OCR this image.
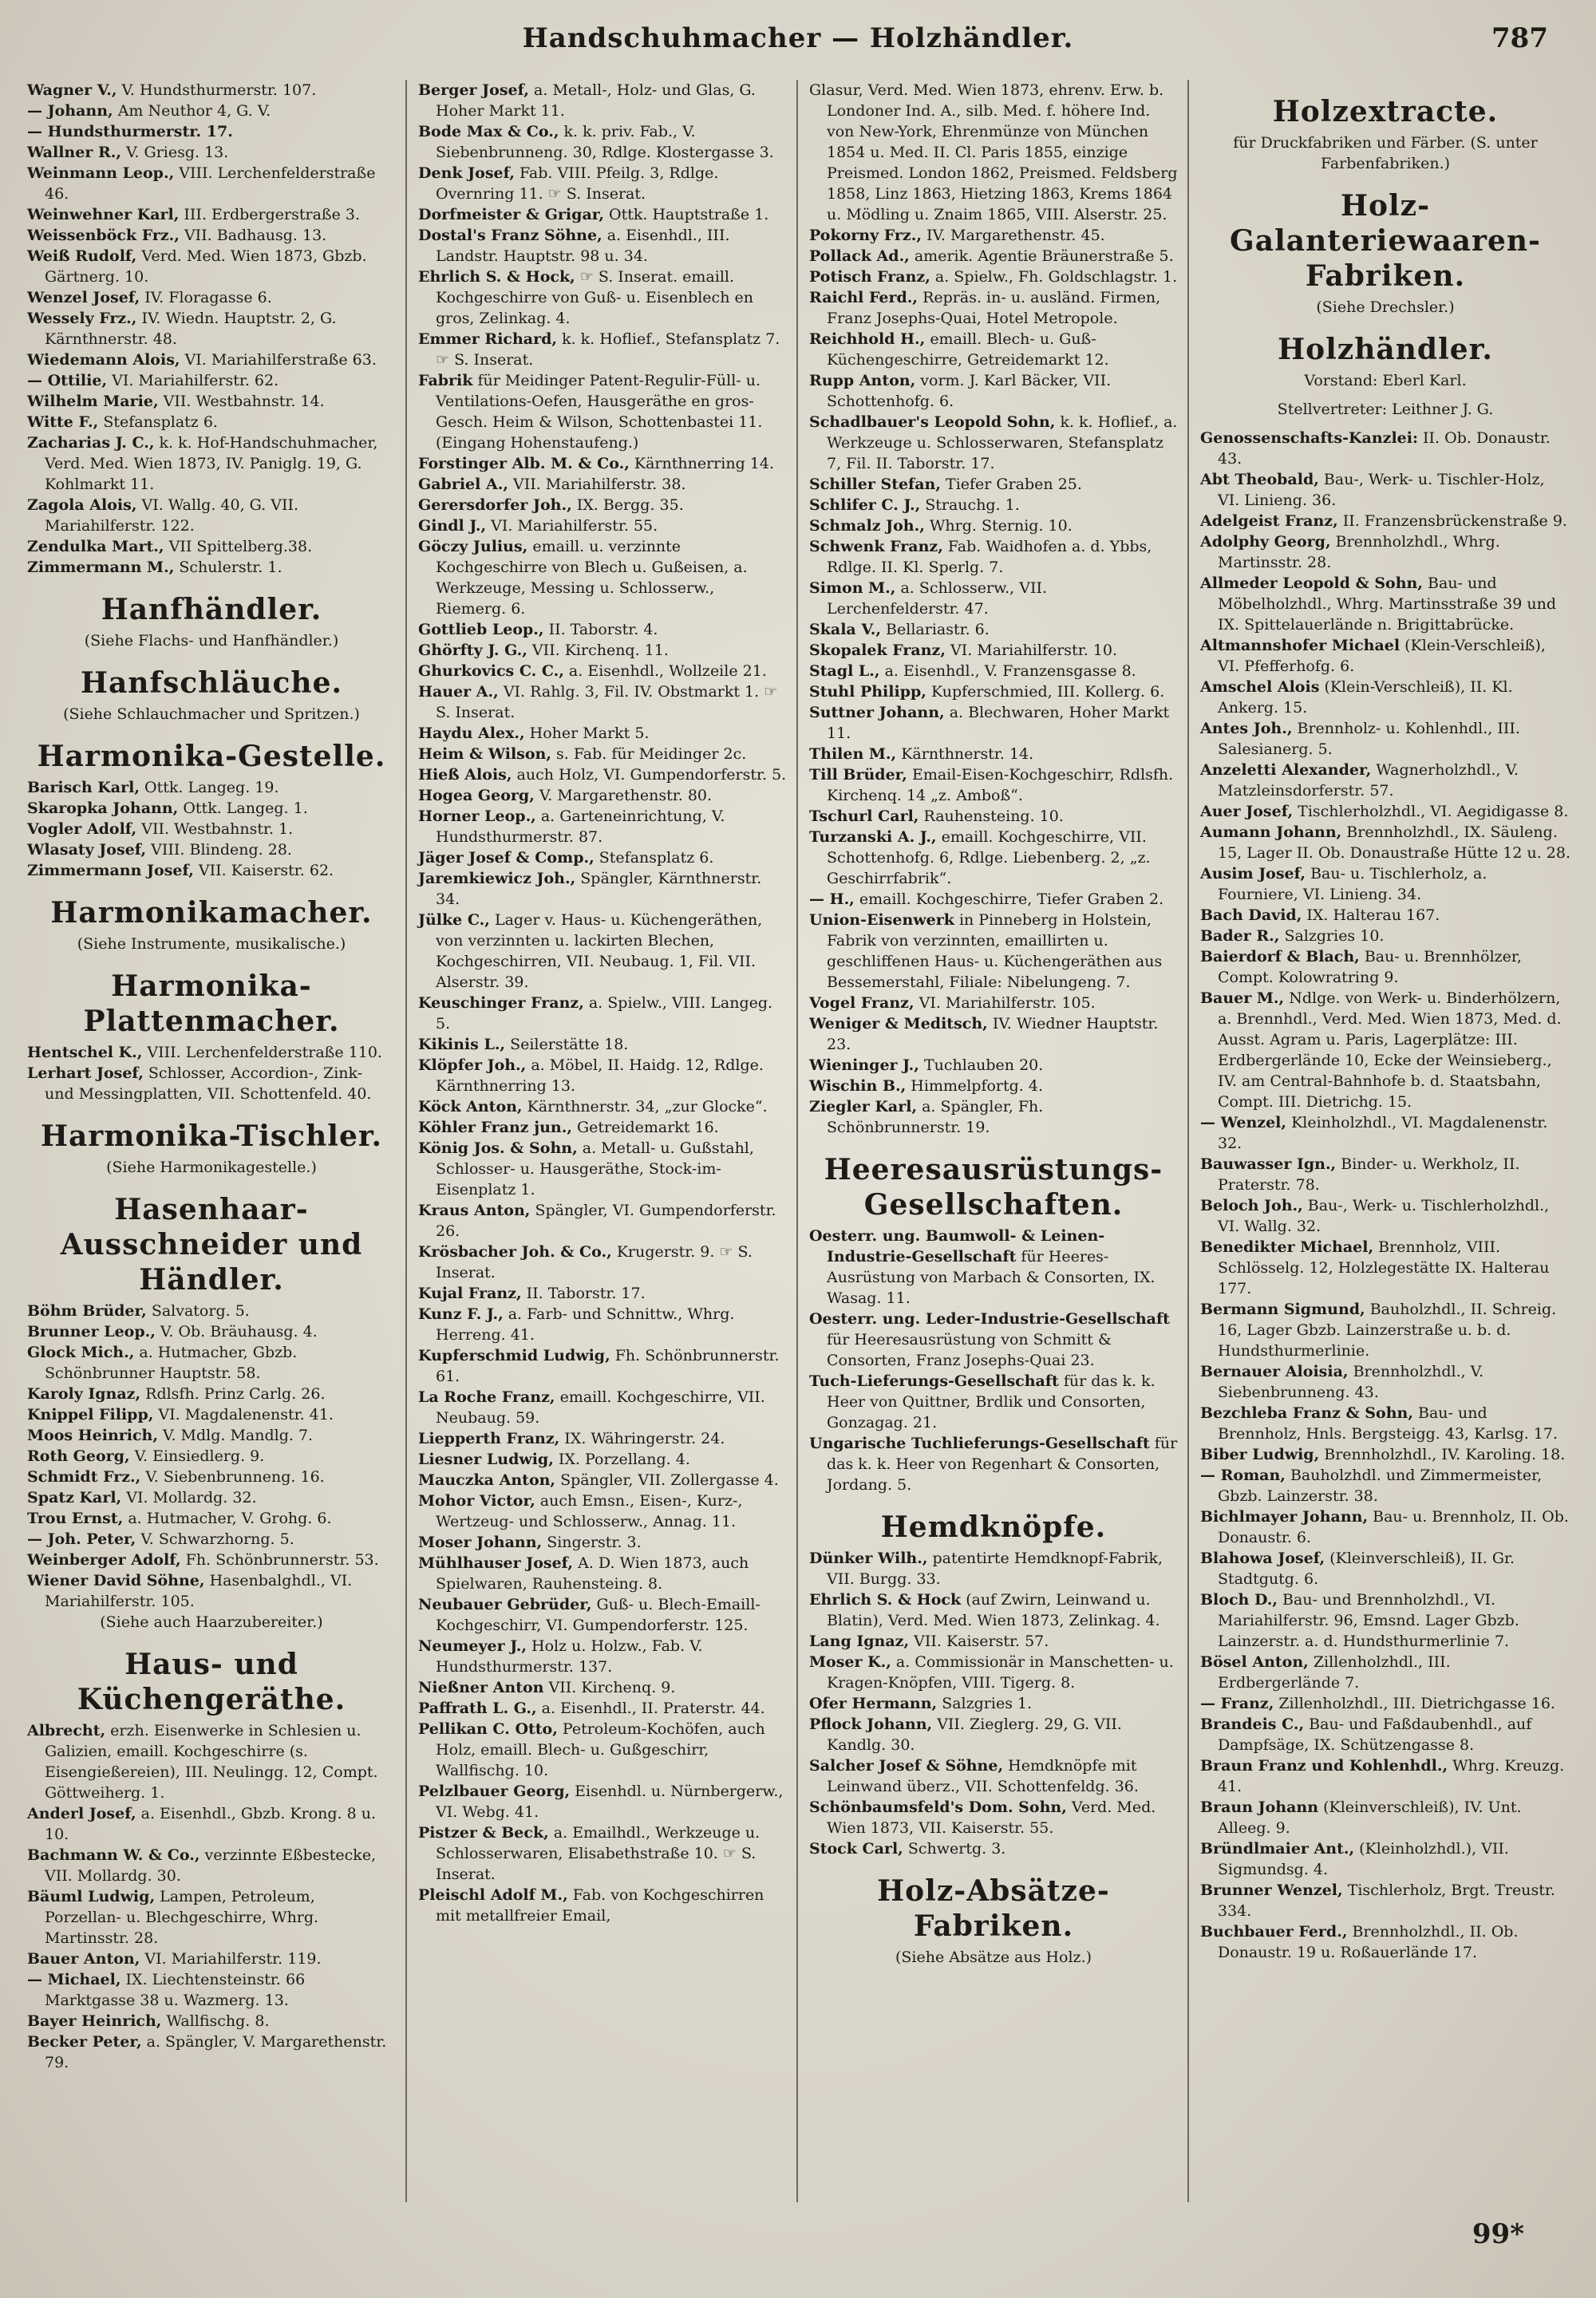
Handschuhmacher — Holzhändler.	787

Wagner V., V. Hundsthurmerstr. 107.

— Johann, Am Neuthor 4, G. V.

— Hundsthurmerstr. 17.

Wallner R., V. Griesg. 13.

Weinmann Leop., VIII. Lerchenfelderstraße 46.

Weinwehner Karl, III. Erdbergerstraße 3.

Weissenböck Frz., VII. Badhausg. 13.

Weiß Rudolf, Verd. Med. Wien 1873, Gbzb. Gärtnerg. 10.

Wenzel Josef, IV. Floragasse 6.

Wessely Frz., IV. Wiedn. Hauptstr. 2, G. Kärnthnerstr. 48.

Wiedemann Alois, VI. Mariahilferstraße 63.

— Ottilie, VI. Mariahilferstr. 62.

Wilhelm Marie, VII. Westbahnstr. 14.

Witte F., Stefansplatz 6.

Zacharias J. C., k. k. Hof-Handschuhmacher, Verd. Med. Wien 1873, IV. Paniglg. 19, G. Kohlmarkt 11.

Zagola Alois, VI. Wallg. 40, G. VII. Mariahilferstr. 122.

Zendulka Mart., VII Spittelberg.38.

Zimmermann M., Schulerstr. 1.

Hanfhändler.
(Siehe Flachs- und Hanfhändler.)
Hanfschläuche.
(Siehe Schlauchmacher und Spritzen.)
Harmonika-Gestelle.

Barisch Karl, Ottk. Langeg. 19.

Skaropka Johann, Ottk. Langeg. 1.

Vogler Adolf, VII. Westbahnstr. 1.

Wlasaty Josef, VIII. Blindeng. 28.

Zimmermann Josef, VII. Kaiserstr. 62.

Harmonikamacher.
(Siehe Instrumente, musikalische.)
Harmonika-Plattenmacher.

Hentschel K., VIII. Lerchenfelderstraße 110.

Lerhart Josef, Schlosser, Accordion-, Zink- und Messingplatten, VII. Schottenfeld. 40.

Harmonika-Tischler.
(Siehe Harmonikagestelle.)
Hasenhaar-Ausschneider und Händler.

Böhm Brüder, Salvatorg. 5.

Brunner Leop., V. Ob. Bräuhausg. 4.

Glock Mich., a. Hutmacher, Gbzb. Schönbrunner Hauptstr. 58.

Karoly Ignaz, Rdlsfh. Prinz Carlg. 26.

Knippel Filipp, VI. Magdalenenstr. 41.

Moos Heinrich, V. Mdlg. Mandlg. 7.

Roth Georg, V. Einsiedlerg. 9.

Schmidt Frz., V. Siebenbrunneng. 16.

Spatz Karl, VI. Mollardg. 32.

Trou Ernst, a. Hutmacher, V. Grohg. 6.

— Joh. Peter, V. Schwarzhorng. 5.

Weinberger Adolf, Fh. Schönbrunnerstr. 53.

Wiener David Söhne, Hasenbalghdl., VI. Mariahilferstr. 105.

(Siehe auch Haarzubereiter.)
Haus- und Küchengeräthe.

Albrecht, erzh. Eisenwerke in Schlesien u. Galizien, emaill. Kochgeschirre (s. Eisengießereien), III. Neulingg. 12, Compt. Göttweiherg. 1.

Anderl Josef, a. Eisenhdl., Gbzb. Krong. 8 u. 10.

Bachmann W. & Co., verzinnte Eßbestecke, VII. Mollardg. 30.

Bäuml Ludwig, Lampen, Petroleum, Porzellan- u. Blechgeschirre, Whrg. Martinsstr. 28.

Bauer Anton, VI. Mariahilferstr. 119.

— Michael, IX. Liechtensteinstr. 66 Marktgasse 38 u. Wazmerg. 13.

Bayer Heinrich, Wallfischg. 8.

Becker Peter, a. Spängler, V. Margarethenstr. 79.

Berger Josef, a. Metall-, Holz- und Glas, G. Hoher Markt 11.

Bode Max & Co., k. k. priv. Fab., V. Siebenbrunneng. 30, Rdlge. Klostergasse 3.

Denk Josef, Fab. VIII. Pfeilg. 3, Rdlge. Overnring 11. ☞ S. Inserat.

Dorfmeister & Grigar, Ottk. Hauptstraße 1.

Dostal's Franz Söhne, a. Eisenhdl., III. Landstr. Hauptstr. 98 u. 34.

Ehrlich S. & Hock, ☞ S. Inserat. emaill. Kochgeschirre von Guß- u. Eisenblech en gros, Zelinkag. 4.

Emmer Richard, k. k. Hoflief., Stefansplatz 7. ☞ S. Inserat.

Fabrik für Meidinger Patent-Regulir-Füll- u. Ventilations-Oefen, Hausgeräthe en gros-Gesch. Heim & Wilson, Schottenbastei 11. (Eingang Hohenstaufeng.)

Forstinger Alb. M. & Co., Kärnthnerring 14.

Gabriel A., VII. Mariahilferstr. 38.

Gerersdorfer Joh., IX. Bergg. 35.

Gindl J., VI. Mariahilferstr. 55.

Göczy Julius, emaill. u. verzinnte Kochgeschirre von Blech u. Gußeisen, a. Werkzeuge, Messing u. Schlosserw., Riemerg. 6.

Gottlieb Leop., II. Taborstr. 4.

Ghörfty J. G., VII. Kirchenq. 11.

Ghurkovics C. C., a. Eisenhdl., Wollzeile 21.

Hauer A., VI. Rahlg. 3, Fil. IV. Obstmarkt 1. ☞ S. Inserat.

Haydu Alex., Hoher Markt 5.

Heim & Wilson, s. Fab. für Meidinger 2c.

Hieß Alois, auch Holz, VI. Gumpendorferstr. 5.

Hogea Georg, V. Margarethenstr. 80.

Horner Leop., a. Garteneinrichtung, V. Hundsthurmerstr. 87.

Jäger Josef & Comp., Stefansplatz 6.

Jaremkiewicz Joh., Spängler, Kärnthnerstr. 34.

Jülke C., Lager v. Haus- u. Küchengeräthen, von verzinnten u. lackirten Blechen, Kochgeschirren, VII. Neubaug. 1, Fil. VII. Alserstr. 39.

Keuschinger Franz, a. Spielw., VIII. Langeg. 5.

Kikinis L., Seilerstätte 18.

Klöpfer Joh., a. Möbel, II. Haidg. 12, Rdlge. Kärnthnerring 13.

Köck Anton, Kärnthnerstr. 34, „zur Glocke“.

Köhler Franz jun., Getreidemarkt 16.

König Jos. & Sohn, a. Metall- u. Gußstahl, Schlosser- u. Hausgeräthe, Stock-im-Eisenplatz 1.

Kraus Anton, Spängler, VI. Gumpendorferstr. 26.

Krösbacher Joh. & Co., Krugerstr. 9. ☞ S. Inserat.

Kujal Franz, II. Taborstr. 17.

Kunz F. J., a. Farb- und Schnittw., Whrg. Herreng. 41.

Kupferschmid Ludwig, Fh. Schönbrunnerstr. 61.

La Roche Franz, emaill. Kochgeschirre, VII. Neubaug. 59.

Liepperth Franz, IX. Währingerstr. 24.

Liesner Ludwig, IX. Porzellang. 4.

Mauczka Anton, Spängler, VII. Zollergasse 4.

Mohor Victor, auch Emsn., Eisen-, Kurz-, Wertzeug- und Schlosserw., Annag. 11.

Moser Johann, Singerstr. 3.

Mühlhauser Josef, A. D. Wien 1873, auch Spielwaren, Rauhensteing. 8.

Neubauer Gebrüder, Guß- u. Blech-Emaill-Kochgeschirr, VI. Gumpendorferstr. 125.

Neumeyer J., Holz u. Holzw., Fab. V. Hundsthurmerstr. 137.

Nießner Anton VII. Kirchenq. 9.

Paffrath L. G., a. Eisenhdl., II. Praterstr. 44.

Pellikan C. Otto, Petroleum-Kochöfen, auch Holz, emaill. Blech- u. Gußgeschirr, Wallfischg. 10.

Pelzlbauer Georg, Eisenhdl. u. Nürnbergerw., VI. Webg. 41.

Pistzer & Beck, a. Emailhdl., Werkzeuge u. Schlosserwaren, Elisabethstraße 10. ☞ S. Inserat.

Pleischl Adolf M., Fab. von Kochgeschirren mit metallfreier Email,

Glasur, Verd. Med. Wien 1873, ehrenv. Erw. b. Londoner Ind. A., silb. Med. f. höhere Ind. von New-York, Ehrenmünze von München 1854 u. Med. II. Cl. Paris 1855, einzige Preismed. London 1862, Preismed. Feldsberg 1858, Linz 1863, Hietzing 1863, Krems 1864 u. Mödling u. Znaim 1865, VIII. Alserstr. 25.

Pokorny Frz., IV. Margarethenstr. 45.

Pollack Ad., amerik. Agentie Bräunerstraße 5.

Potisch Franz, a. Spielw., Fh. Goldschlagstr. 1.

Raichl Ferd., Repräs. in- u. ausländ. Firmen, Franz Josephs-Quai, Hotel Metropole.

Reichhold H., emaill. Blech- u. Guß-Küchengeschirre, Getreidemarkt 12.

Rupp Anton, vorm. J. Karl Bäcker, VII. Schottenhofg. 6.

Schadlbauer's Leopold Sohn, k. k. Hoflief., a. Werkzeuge u. Schlosserwaren, Stefansplatz 7, Fil. II. Taborstr. 17.

Schiller Stefan, Tiefer Graben 25.

Schlifer C. J., Strauchg. 1.

Schmalz Joh., Whrg. Sternig. 10.

Schwenk Franz, Fab. Waidhofen a. d. Ybbs, Rdlge. II. Kl. Sperlg. 7.

Simon M., a. Schlosserw., VII. Lerchenfelderstr. 47.

Skala V., Bellariastr. 6.

Skopalek Franz, VI. Mariahilferstr. 10.

Stagl L., a. Eisenhdl., V. Franzensgasse 8.

Stuhl Philipp, Kupferschmied, III. Kollerg. 6.

Suttner Johann, a. Blechwaren, Hoher Markt 11.

Thilen M., Kärnthnerstr. 14.

Till Brüder, Email-Eisen-Kochgeschirr, Rdlsfh. Kirchenq. 14 „z. Amboß“.

Tschurl Carl, Rauhensteing. 10.

Turzanski A. J., emaill. Kochgeschirre, VII. Schottenhofg. 6, Rdlge. Liebenberg. 2, „z. Geschirrfabrik“.

— H., emaill. Kochgeschirre, Tiefer Graben 2.

Union-Eisenwerk in Pinneberg in Holstein, Fabrik von verzinnten, emaillirten u. geschliffenen Haus- u. Küchengeräthen aus Bessemerstahl, Filiale: Nibelungeng. 7.

Vogel Franz, VI. Mariahilferstr. 105.

Weniger & Meditsch, IV. Wiedner Hauptstr. 23.

Wieninger J., Tuchlauben 20.

Wischin B., Himmelpfortg. 4.

Ziegler Karl, a. Spängler, Fh. Schönbrunnerstr. 19.

Heeresausrüstungs-Gesellschaften.

Oesterr. ung. Baumwoll- & Leinen-Industrie-Gesellschaft für Heeres-Ausrüstung von Marbach & Consorten, IX. Wasag. 11.

Oesterr. ung. Leder-Industrie-Gesellschaft für Heeresausrüstung von Schmitt & Consorten, Franz Josephs-Quai 23.

Tuch-Lieferungs-Gesellschaft für das k. k. Heer von Quittner, Brdlik und Consorten, Gonzagag. 21.

Ungarische Tuchlieferungs-Gesellschaft für das k. k. Heer von Regenhart & Consorten, Jordang. 5.

Hemdknöpfe.

Dünker Wilh., patentirte Hemdknopf-Fabrik, VII. Burgg. 33.

Ehrlich S. & Hock (auf Zwirn, Leinwand u. Blatin), Verd. Med. Wien 1873, Zelinkag. 4.

Lang Ignaz, VII. Kaiserstr. 57.

Moser K., a. Commissionär in Manschetten- u. Kragen-Knöpfen, VIII. Tigerg. 8.

Ofer Hermann, Salzgries 1.

Pflock Johann, VII. Zieglerg. 29, G. VII. Kandlg. 30.

Salcher Josef & Söhne, Hemdknöpfe mit Leinwand überz., VII. Schottenfeldg. 36.

Schönbaumsfeld's Dom. Sohn, Verd. Med. Wien 1873, VII. Kaiserstr. 55.

Stock Carl, Schwertg. 3.

Holz-Absätze-Fabriken.
(Siehe Absätze aus Holz.)
Holzextracte.
für Druckfabriken und Färber. (S. unter Farbenfabriken.)
Holz-Galanteriewaaren-Fabriken.
(Siehe Drechsler.)
Holzhändler.
Vorstand: Eberl Karl.
Stellvertreter: Leithner J. G.

Genossenschafts-Kanzlei: II. Ob. Donaustr. 43.

Abt Theobald, Bau-, Werk- u. Tischler-Holz, VI. Linieng. 36.

Adelgeist Franz, II. Franzensbrückenstraße 9.

Adolphy Georg, Brennholzhdl., Whrg. Martinsstr. 28.

Allmeder Leopold & Sohn, Bau- und Möbelholzhdl., Whrg. Martinsstraße 39 und IX. Spittelauerlände n. Brigittabrücke.

Altmannshofer Michael (Klein-Verschleiß), VI. Pfefferhofg. 6.

Amschel Alois (Klein-Verschleiß), II. Kl. Ankerg. 15.

Antes Joh., Brennholz- u. Kohlenhdl., III. Salesianerg. 5.

Anzeletti Alexander, Wagnerholzhdl., V. Matzleinsdorferstr. 57.

Auer Josef, Tischlerholzhdl., VI. Aegidigasse 8.

Aumann Johann, Brennholzhdl., IX. Säuleng. 15, Lager II. Ob. Donaustraße Hütte 12 u. 28.

Ausim Josef, Bau- u. Tischlerholz, a. Fourniere, VI. Linieng. 34.

Bach David, IX. Halterau 167.

Bader R., Salzgries 10.

Baierdorf & Blach, Bau- u. Brennhölzer, Compt. Kolowratring 9.

Bauer M., Ndlge. von Werk- u. Binderhölzern, a. Brennhdl., Verd. Med. Wien 1873, Med. d. Ausst. Agram u. Paris, Lagerplätze: III. Erdbergerlände 10, Ecke der Weinsieberg., IV. am Central-Bahnhofe b. d. Staatsbahn, Compt. III. Dietrichg. 15.

— Wenzel, Kleinholzhdl., VI. Magdalenenstr. 32.

Bauwasser Ign., Binder- u. Werkholz, II. Praterstr. 78.

Beloch Joh., Bau-, Werk- u. Tischlerholzhdl., VI. Wallg. 32.

Benedikter Michael, Brennholz, VIII. Schlösselg. 12, Holzlegestätte IX. Halterau 177.

Bermann Sigmund, Bauholzhdl., II. Schreig. 16, Lager Gbzb. Lainzerstraße u. b. d. Hundsthurmerlinie.

Bernauer Aloisia, Brennholzhdl., V. Siebenbrunneng. 43.

Bezchleba Franz & Sohn, Bau- und Brennholz, Hnls. Bergsteigg. 43, Karlsg. 17.

Biber Ludwig, Brennholzhdl., IV. Karoling. 18.

— Roman, Bauholzhdl. und Zimmermeister, Gbzb. Lainzerstr. 38.

Bichlmayer Johann, Bau- u. Brennholz, II. Ob. Donaustr. 6.

Blahowa Josef, (Kleinverschleiß), II. Gr. Stadtgutg. 6.

Bloch D., Bau- und Brennholzhdl., VI. Mariahilferstr. 96, Emsnd. Lager Gbzb. Lainzerstr. a. d. Hundsthurmerlinie 7.

Bösel Anton, Zillenholzhdl., III. Erdbergerlände 7.

— Franz, Zillenholzhdl., III. Dietrichgasse 16.

Brandeis C., Bau- und Faßdaubenhdl., auf Dampfsäge, IX. Schützengasse 8.

Braun Franz und Kohlenhdl., Whrg. Kreuzg. 41.

Braun Johann (Kleinverschleiß), IV. Unt. Alleeg. 9.

Bründlmaier Ant., (Kleinholzhdl.), VII. Sigmundsg. 4.

Brunner Wenzel, Tischlerholz, Brgt. Treustr. 334.

Buchbauer Ferd., Brennholzhdl., II. Ob. Donaustr. 19 u. Roßauerlände 17.

99*
